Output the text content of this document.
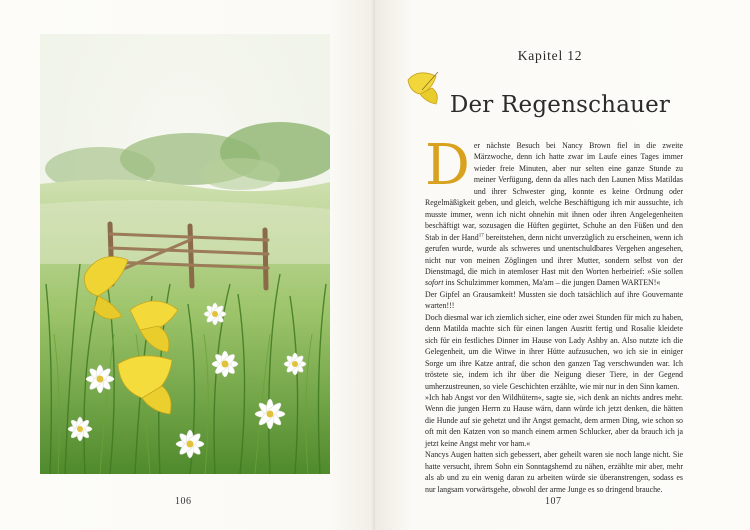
106
Kapitel 12
Der Regenschauer

Der nächste Besuch bei Nancy Brown fiel in die zweite Märzwoche, denn ich hatte zwar im Laufe eines Tages immer wieder freie Minuten, aber nur selten eine ganze Stunde zu meiner Verfügung, denn da alles nach den Launen Miss Matildas und ihrer Schwester ging, konnte es keine Ordnung oder Regelmäßigkeit geben, und gleich, welche Beschäftigung ich mir aussuchte, ich musste immer, wenn ich nicht ohnehin mit ihnen oder ihren Angelegenheiten beschäftigt war, sozusagen die Hüften gegürtet, Schuhe an den Füßen und den Stab in der Hand$^{17}$ bereitstehen, denn nicht unverzüglich zu erscheinen, wenn ich gerufen wurde, wurde als schweres und unentschuldbares Vergehen angesehen, nicht nur von meinen Zöglingen und ihrer Mutter, sondern selbst von der Dienstmagd, die mich in atemloser Hast mit den Worten herbeirief: »Sie sollen sofort ins Schulzimmer kommen, Ma'am – die jungen Damen WARTEN!«

Der Gipfel an Grausamkeit! Mussten sie doch tatsächlich auf ihre Gouvernante warten!!!

Doch diesmal war ich ziemlich sicher, eine oder zwei Stunden für mich zu haben, denn Matilda machte sich für einen langen Ausritt fertig und Rosalie kleidete sich für ein festliches Dinner im Hause von Lady Ashby an. Also nutzte ich die Gelegenheit, um die Witwe in ihrer Hütte aufzusuchen, wo ich sie in einiger Sorge um ihre Katze antraf, die schon den ganzen Tag verschwunden war. Ich tröstete sie, indem ich ihr über die Neigung dieser Tiere, in der Gegend umherzustreunen, so viele Geschichten erzählte, wie mir nur in den Sinn kamen.

»Ich hab Angst vor den Wildhütern«, sagte sie, »ich denk an nichts andres mehr. Wenn die jungen Herrn zu Hause wärn, dann würde ich jetzt denken, die hätten die Hunde auf sie gehetzt und ihr Angst gemacht, dem armen Ding, wie schon so oft mit den Katzen von so manch einem armen Schlucker, aber da brauch ich ja jetzt keine Angst mehr vor ham.«

Nancys Augen hatten sich gebessert, aber geheilt waren sie noch lange nicht. Sie hatte versucht, ihrem Sohn ein Sonntagshemd zu nähen, erzählte mir aber, mehr als ab und zu ein wenig daran zu arbeiten würde sie überanstrengen, sodass es nur langsam vorwärtsgehe, obwohl der arme Junge es so dringend brauche.

107
